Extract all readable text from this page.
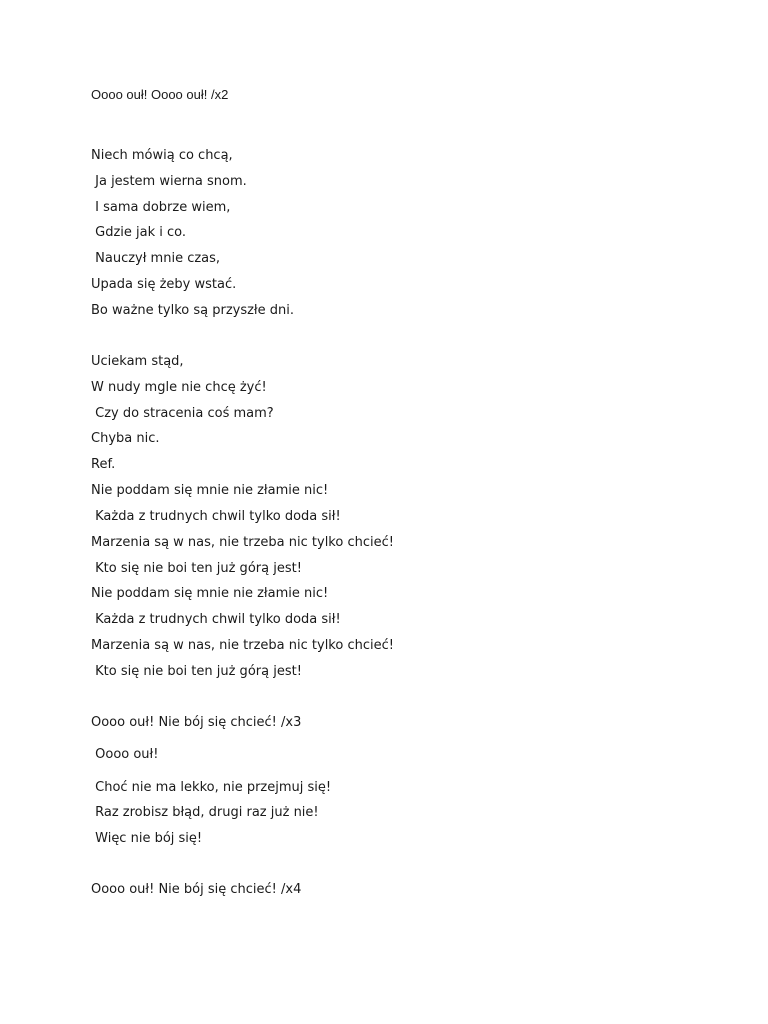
Oooo ouł! Oooo ouł! /x2
Niech mówią co chcą,
Ja jestem wierna snom.
I sama dobrze wiem,
Gdzie jak i co.
Nauczył mnie czas,
Upada się żeby wstać.
Bo ważne tylko są przyszłe dni.
Uciekam stąd,
W nudy mgle nie chcę żyć!
Czy do stracenia coś mam?
Chyba nic.
Ref.
Nie poddam się mnie nie złamie nic!
Każda z trudnych chwil tylko doda sił!
Marzenia są w nas, nie trzeba nic tylko chcieć!
Kto się nie boi ten już górą jest!
Nie poddam się mnie nie złamie nic!
Każda z trudnych chwil tylko doda sił!
Marzenia są w nas, nie trzeba nic tylko chcieć!
Kto się nie boi ten już górą jest!
Oooo ouł! Nie bój się chcieć! /x3
Oooo ouł!
Choć nie ma lekko, nie przejmuj się!
Raz zrobisz błąd, drugi raz już nie!
Więc nie bój się!
Oooo ouł! Nie bój się chcieć! /x4
